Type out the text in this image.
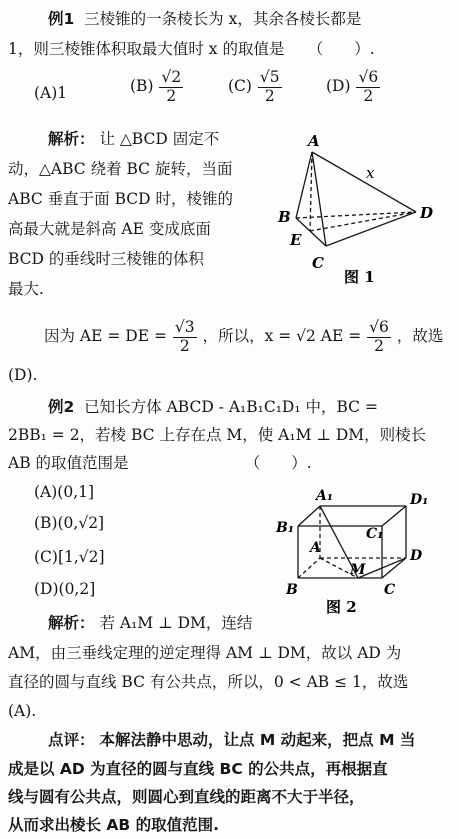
例1 三棱锥的一条棱长为 x，其余各棱长都是
1，则三棱锥体积取最大值时 x 的取值是　　（　　）.
(A)1	$(B) \frac{√2}{2}$	$(C) \frac{√5}{2}$	$(D) \frac{√6}{2}$
解析： 让 △BCD 固定不
动，△ABC 绕着 BC 旋转，当面
ABC 垂直于面 BCD 时，棱锥的
高最大就是斜高 AE 变成底面
BCD 的垂线时三棱锥的体积
最大.
A
B
E
C
D
x
图 1
因为 AE = DE = $\frac{√3}{2}$ ，所以，x = √2 AE = $\frac{√6}{2}$ ，故选
(D).
例2 已知长方体 ABCD - A₁B₁C₁D₁ 中，BC =
2BB₁ = 2，若棱 BC 上存在点 M，使 A₁M ⊥ DM，则棱长
AB 的取值范围是　　　　　　　　（　　）.
(A)(0,1]
(B)(0,√2]
(C)[1,√2]
(D)(0,2]
A₁	D₁
B₁	C₁
A	D
M
B	C
图 2
解析： 若 A₁M ⊥ DM，连结
AM，由三垂线定理的逆定理得 AM ⊥ DM，故以 AD 为
直径的圆与直线 BC 有公共点，所以，0 < AB ≤ 1，故选
(A).
点评： 本解法静中思动，让点 M 动起来，把点 M 当
成是以 AD 为直径的圆与直线 BC 的公共点，再根据直
线与圆有公共点，则圆心到直线的距离不大于半径，
从而求出棱长 AB 的取值范围.
